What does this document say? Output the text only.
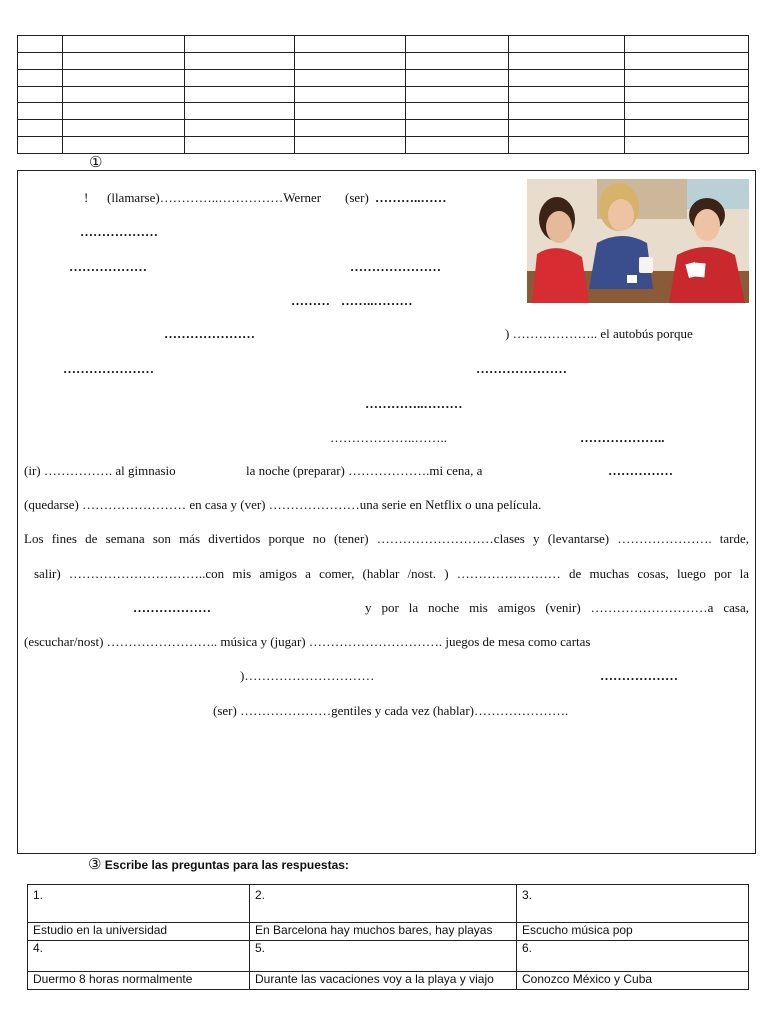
①
! (llamarse)…………..……………Werner (ser) ………..……
………………
………………	…………………
……… ……..………
…………………	) ……………….. el autobús porque
…………………	…………………
…………..………
………………..……..	………………..
(ir) ……………. al gimnasio	la noche (preparar) ……………….mi cena, a	……………
(quedarse) …………………… en casa y (ver) …………………una serie en Netflix o una película.
Los fines de semana son más divertidos porque no (tener) ………………………clases y (levantarse) …………………. tarde,
salir) …………………………..con mis amigos a comer, (hablar /nost. ) …………………… de muchas cosas, luego por la
………………	y por la noche mis amigos (venir) ………………………a casa,
(escuchar/nost) …………………….. música y (jugar) …………………………. juegos de mesa como cartas
)…………………………	………………
(ser) …………………gentiles y cada vez (hablar)………………….
③ Escribe las preguntas para las respuestas:
1.	2.	3.
Estudio en la universidad	En Barcelona hay muchos bares, hay playas	Escucho música pop
4.	5.	6.
Duermo 8 horas normalmente	Durante las vacaciones voy a la playa y viajo	Conozco México y Cuba
